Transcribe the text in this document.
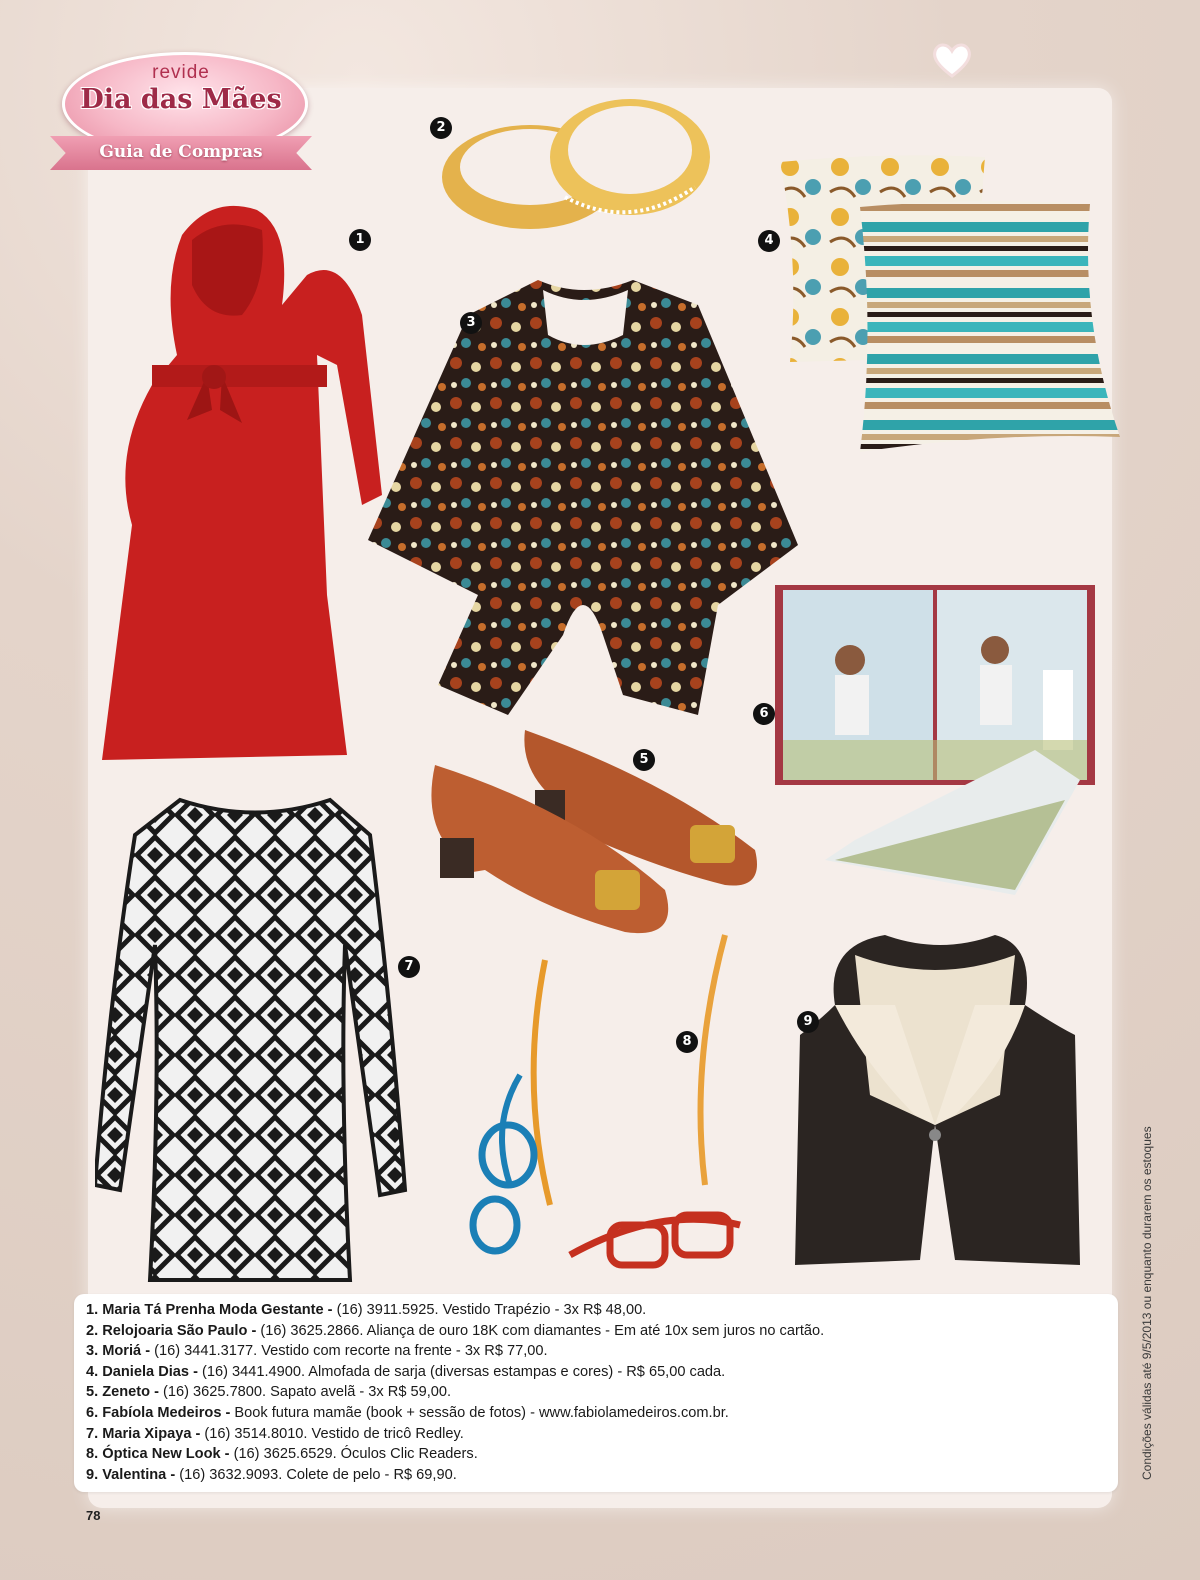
revide
Dia das Mães
Guia de Compras
1
2
3
4
5
6
7
8
9
1. Maria Tá Prenha Moda Gestante - (16) 3911.5925. Vestido Trapézio - 3x R$ 48,00.
2. Relojoaria São Paulo - (16) 3625.2866. Aliança de ouro 18K com diamantes - Em até 10x sem juros no cartão.
3. Moriá - (16) 3441.3177. Vestido com recorte na frente - 3x R$ 77,00.
4. Daniela Dias - (16) 3441.4900. Almofada de sarja (diversas estampas e cores) - R$ 65,00 cada.
5. Zeneto - (16) 3625.7800. Sapato avelã - 3x R$ 59,00.
6. Fabíola Medeiros - Book futura mamãe (book + sessão de fotos) - www.fabiolamedeiros.com.br.
7. Maria Xipaya - (16) 3514.8010. Vestido de tricô Redley.
8. Óptica New Look - (16) 3625.6529. Óculos Clic Readers.
9. Valentina - (16) 3632.9093. Colete de pelo - R$ 69,90.	Condições válidas até 9/5/2013 ou enquanto durarem os estoques
78
